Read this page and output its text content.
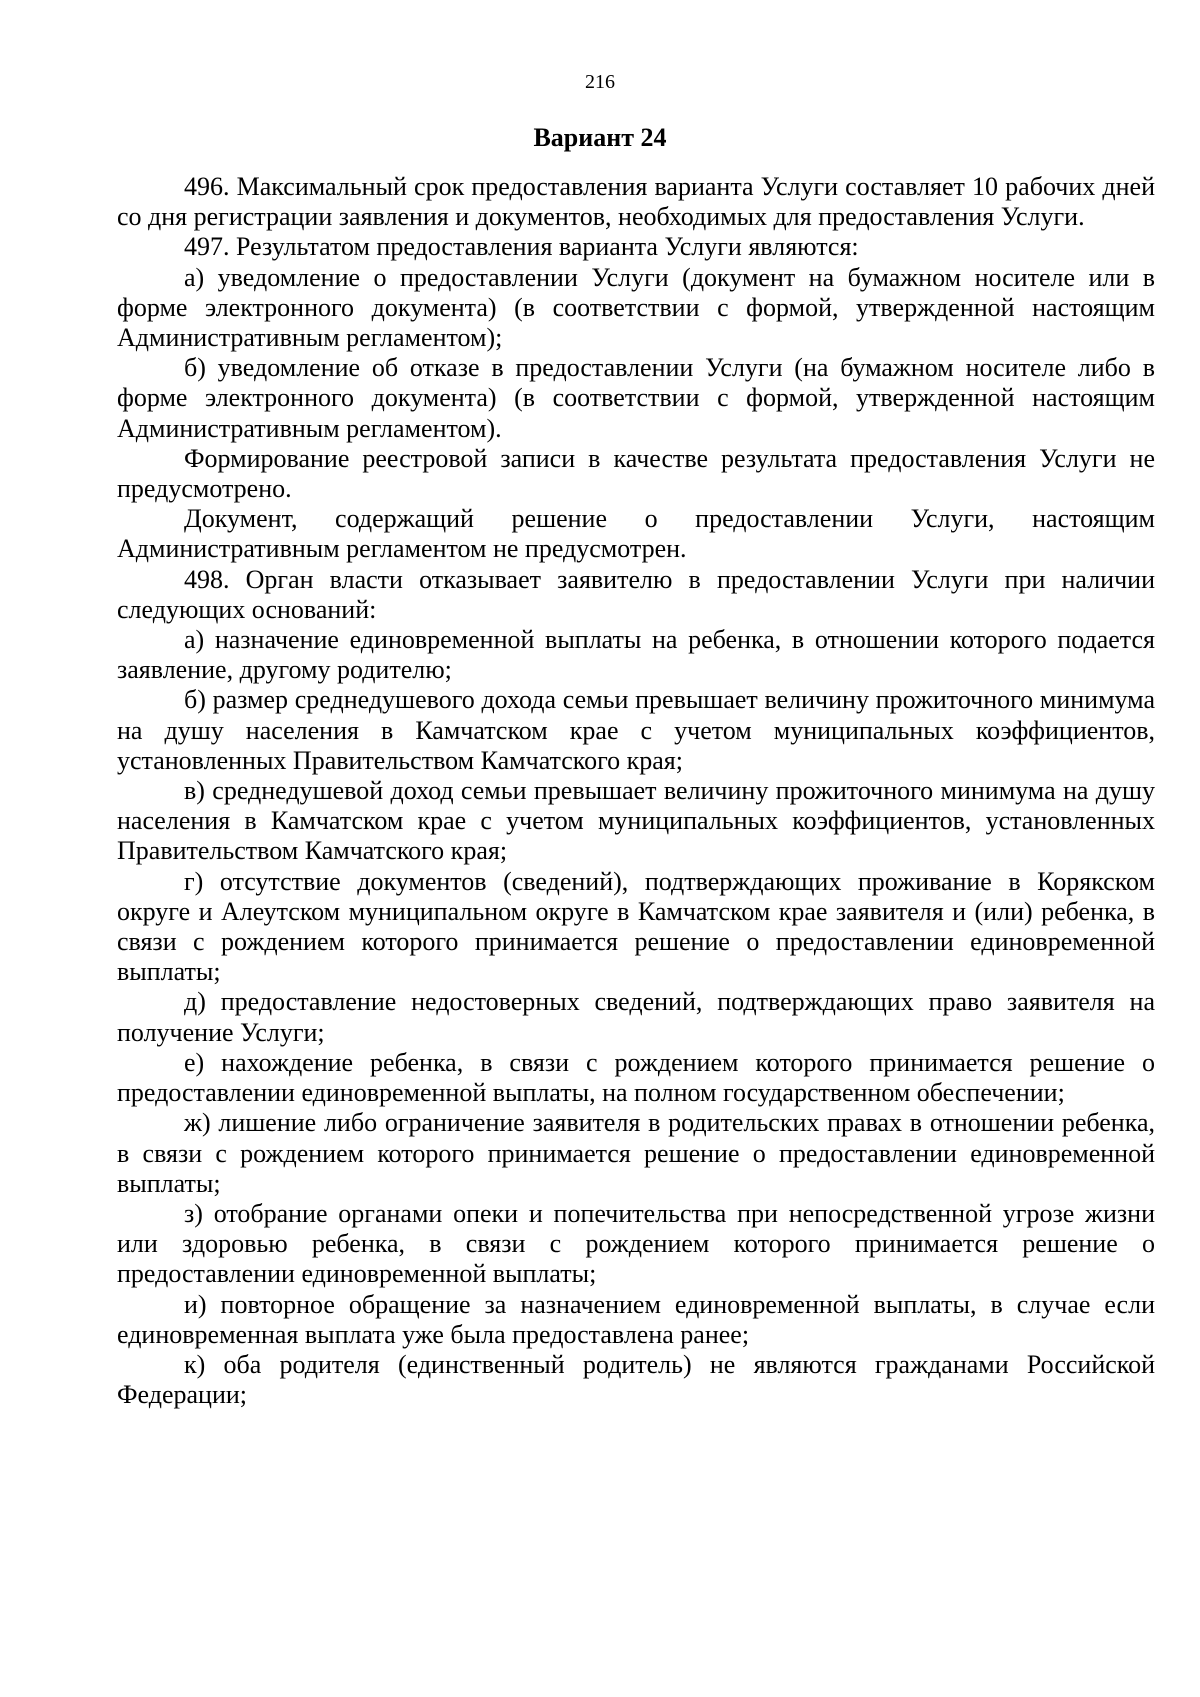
216
Вариант 24

496. Максимальный срок предоставления варианта Услуги составляет 10 рабочих дней со дня регистрации заявления и документов, необходимых для предоставления Услуги.

497. Результатом предоставления варианта Услуги являются:

а) уведомление о предоставлении Услуги (документ на бумажном носителе или в форме электронного документа) (в соответствии с формой, утвержденной настоящим Административным регламентом);

б) уведомление об отказе в предоставлении Услуги (на бумажном носителе либо в форме электронного документа) (в соответствии с формой, утвержденной настоящим Административным регламентом).

Формирование реестровой записи в качестве результата предоставления Услуги не предусмотрено.

Документ, содержащий решение о предоставлении Услуги, настоящим Административным регламентом не предусмотрен.

498. Орган власти отказывает заявителю в предоставлении Услуги при наличии следующих оснований:

а) назначение единовременной выплаты на ребенка, в отношении которого подается заявление, другому родителю;

б) размер среднедушевого дохода семьи превышает величину прожиточного минимума на душу населения в Камчатском крае с учетом муниципальных коэффициентов, установленных Правительством Камчатского края;

в) среднедушевой доход семьи превышает величину прожиточного минимума на душу населения в Камчатском крае с учетом муниципальных коэффициентов, установленных Правительством Камчатского края;

г) отсутствие документов (сведений), подтверждающих проживание в Корякском округе и Алеутском муниципальном округе в Камчатском крае заявителя и (или) ребенка, в связи с рождением которого принимается решение о предоставлении единовременной выплаты;

д) предоставление недостоверных сведений, подтверждающих право заявителя на получение Услуги;

е) нахождение ребенка, в связи с рождением которого принимается решение о предоставлении единовременной выплаты, на полном государственном обеспечении;

ж) лишение либо ограничение заявителя в родительских правах в отношении ребенка, в связи с рождением которого принимается решение о предоставлении единовременной выплаты;

з) отобрание органами опеки и попечительства при непосредственной угрозе жизни или здоровью ребенка, в связи с рождением которого принимается решение о предоставлении единовременной выплаты;

и) повторное обращение за назначением единовременной выплаты, в случае если единовременная выплата уже была предоставлена ранее;

к) оба родителя (единственный родитель) не являются гражданами Российской Федерации;
